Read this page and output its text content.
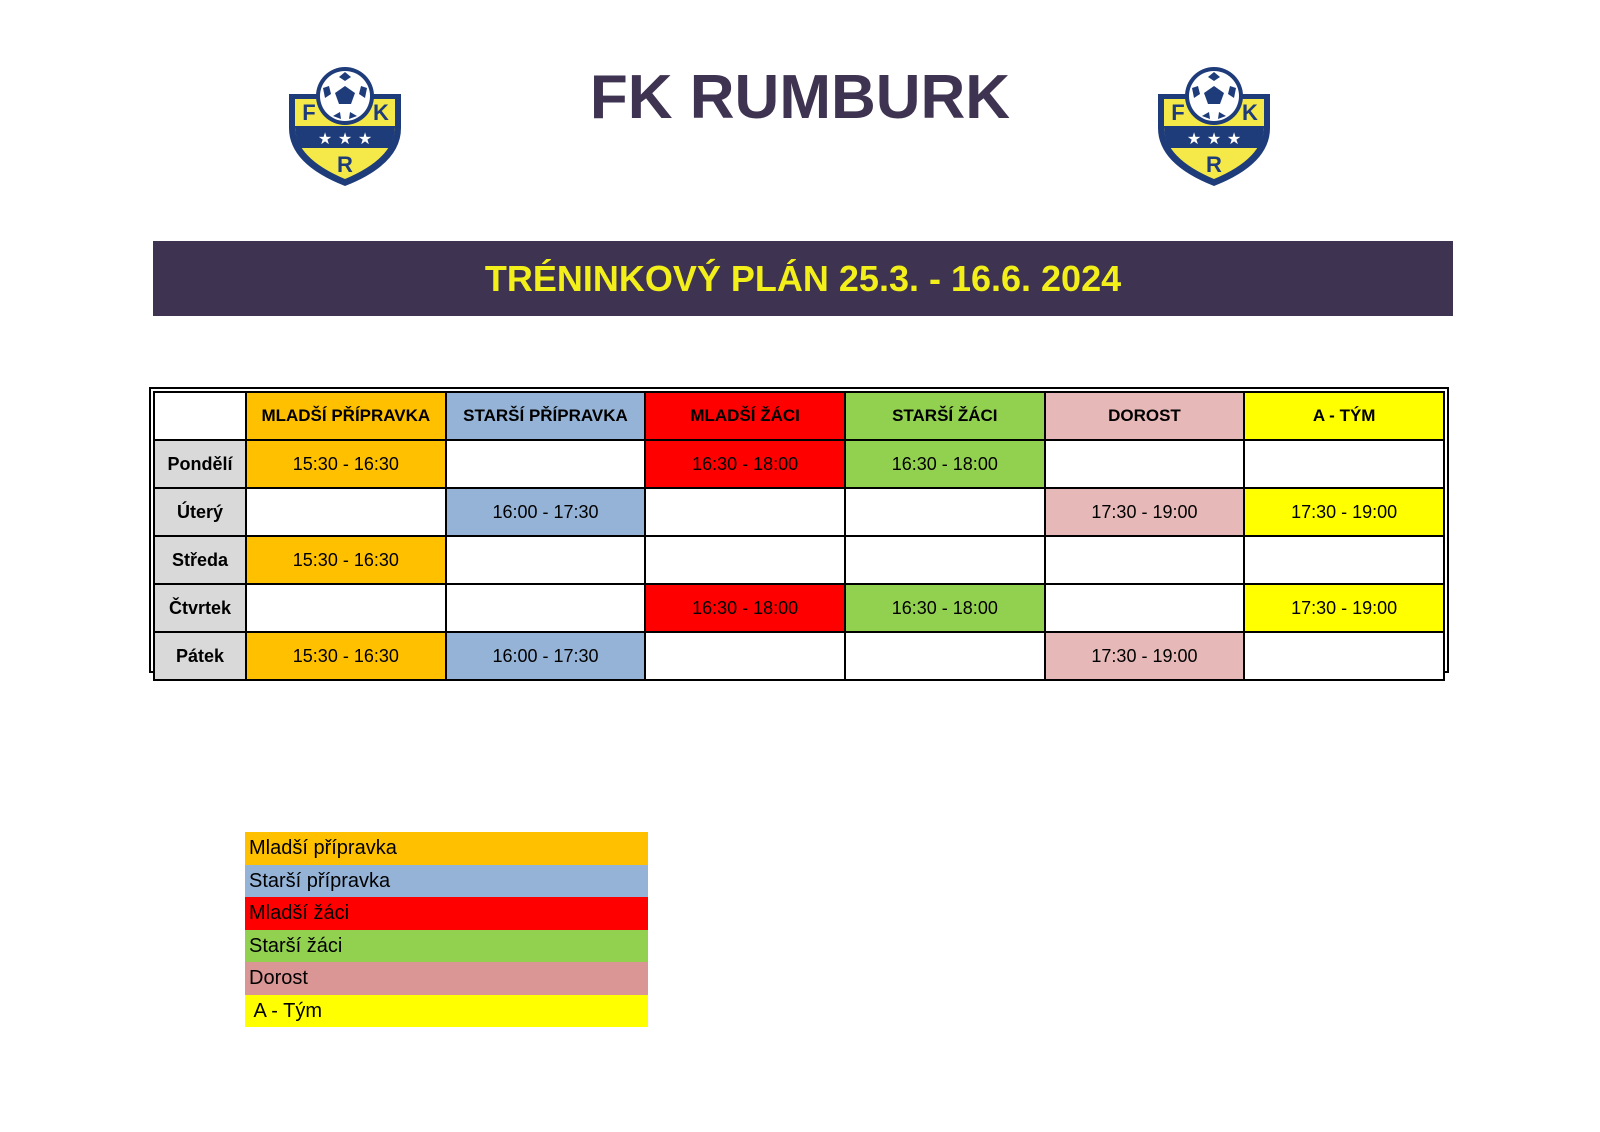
F	K
★ ★ ★
R
FK RUMBURK	F	K
★ ★ ★
R
TRÉNINKOVÝ PLÁN 25.3. - 16.6. 2024
	MLADŠÍ PŘÍPRAVKA	STARŠÍ PŘÍPRAVKA	MLADŠÍ ŽÁCI	STARŠÍ ŽÁCI	DOROST	A - TÝM
Pondělí	15:30 - 16:30		16:30 - 18:00	16:30 - 18:00		
Úterý		16:00 - 17:30			17:30 - 19:00	17:30 - 19:00
Středa	15:30 - 16:30					
Čtvrtek			16:30 - 18:00	16:30 - 18:00		17:30 - 19:00
Pátek	15:30 - 16:30	16:00 - 17:30			17:30 - 19:00	
Mladší přípravka
Starší přípravka
Mladší žáci
Starší žáci
Dorost
A - Tým
